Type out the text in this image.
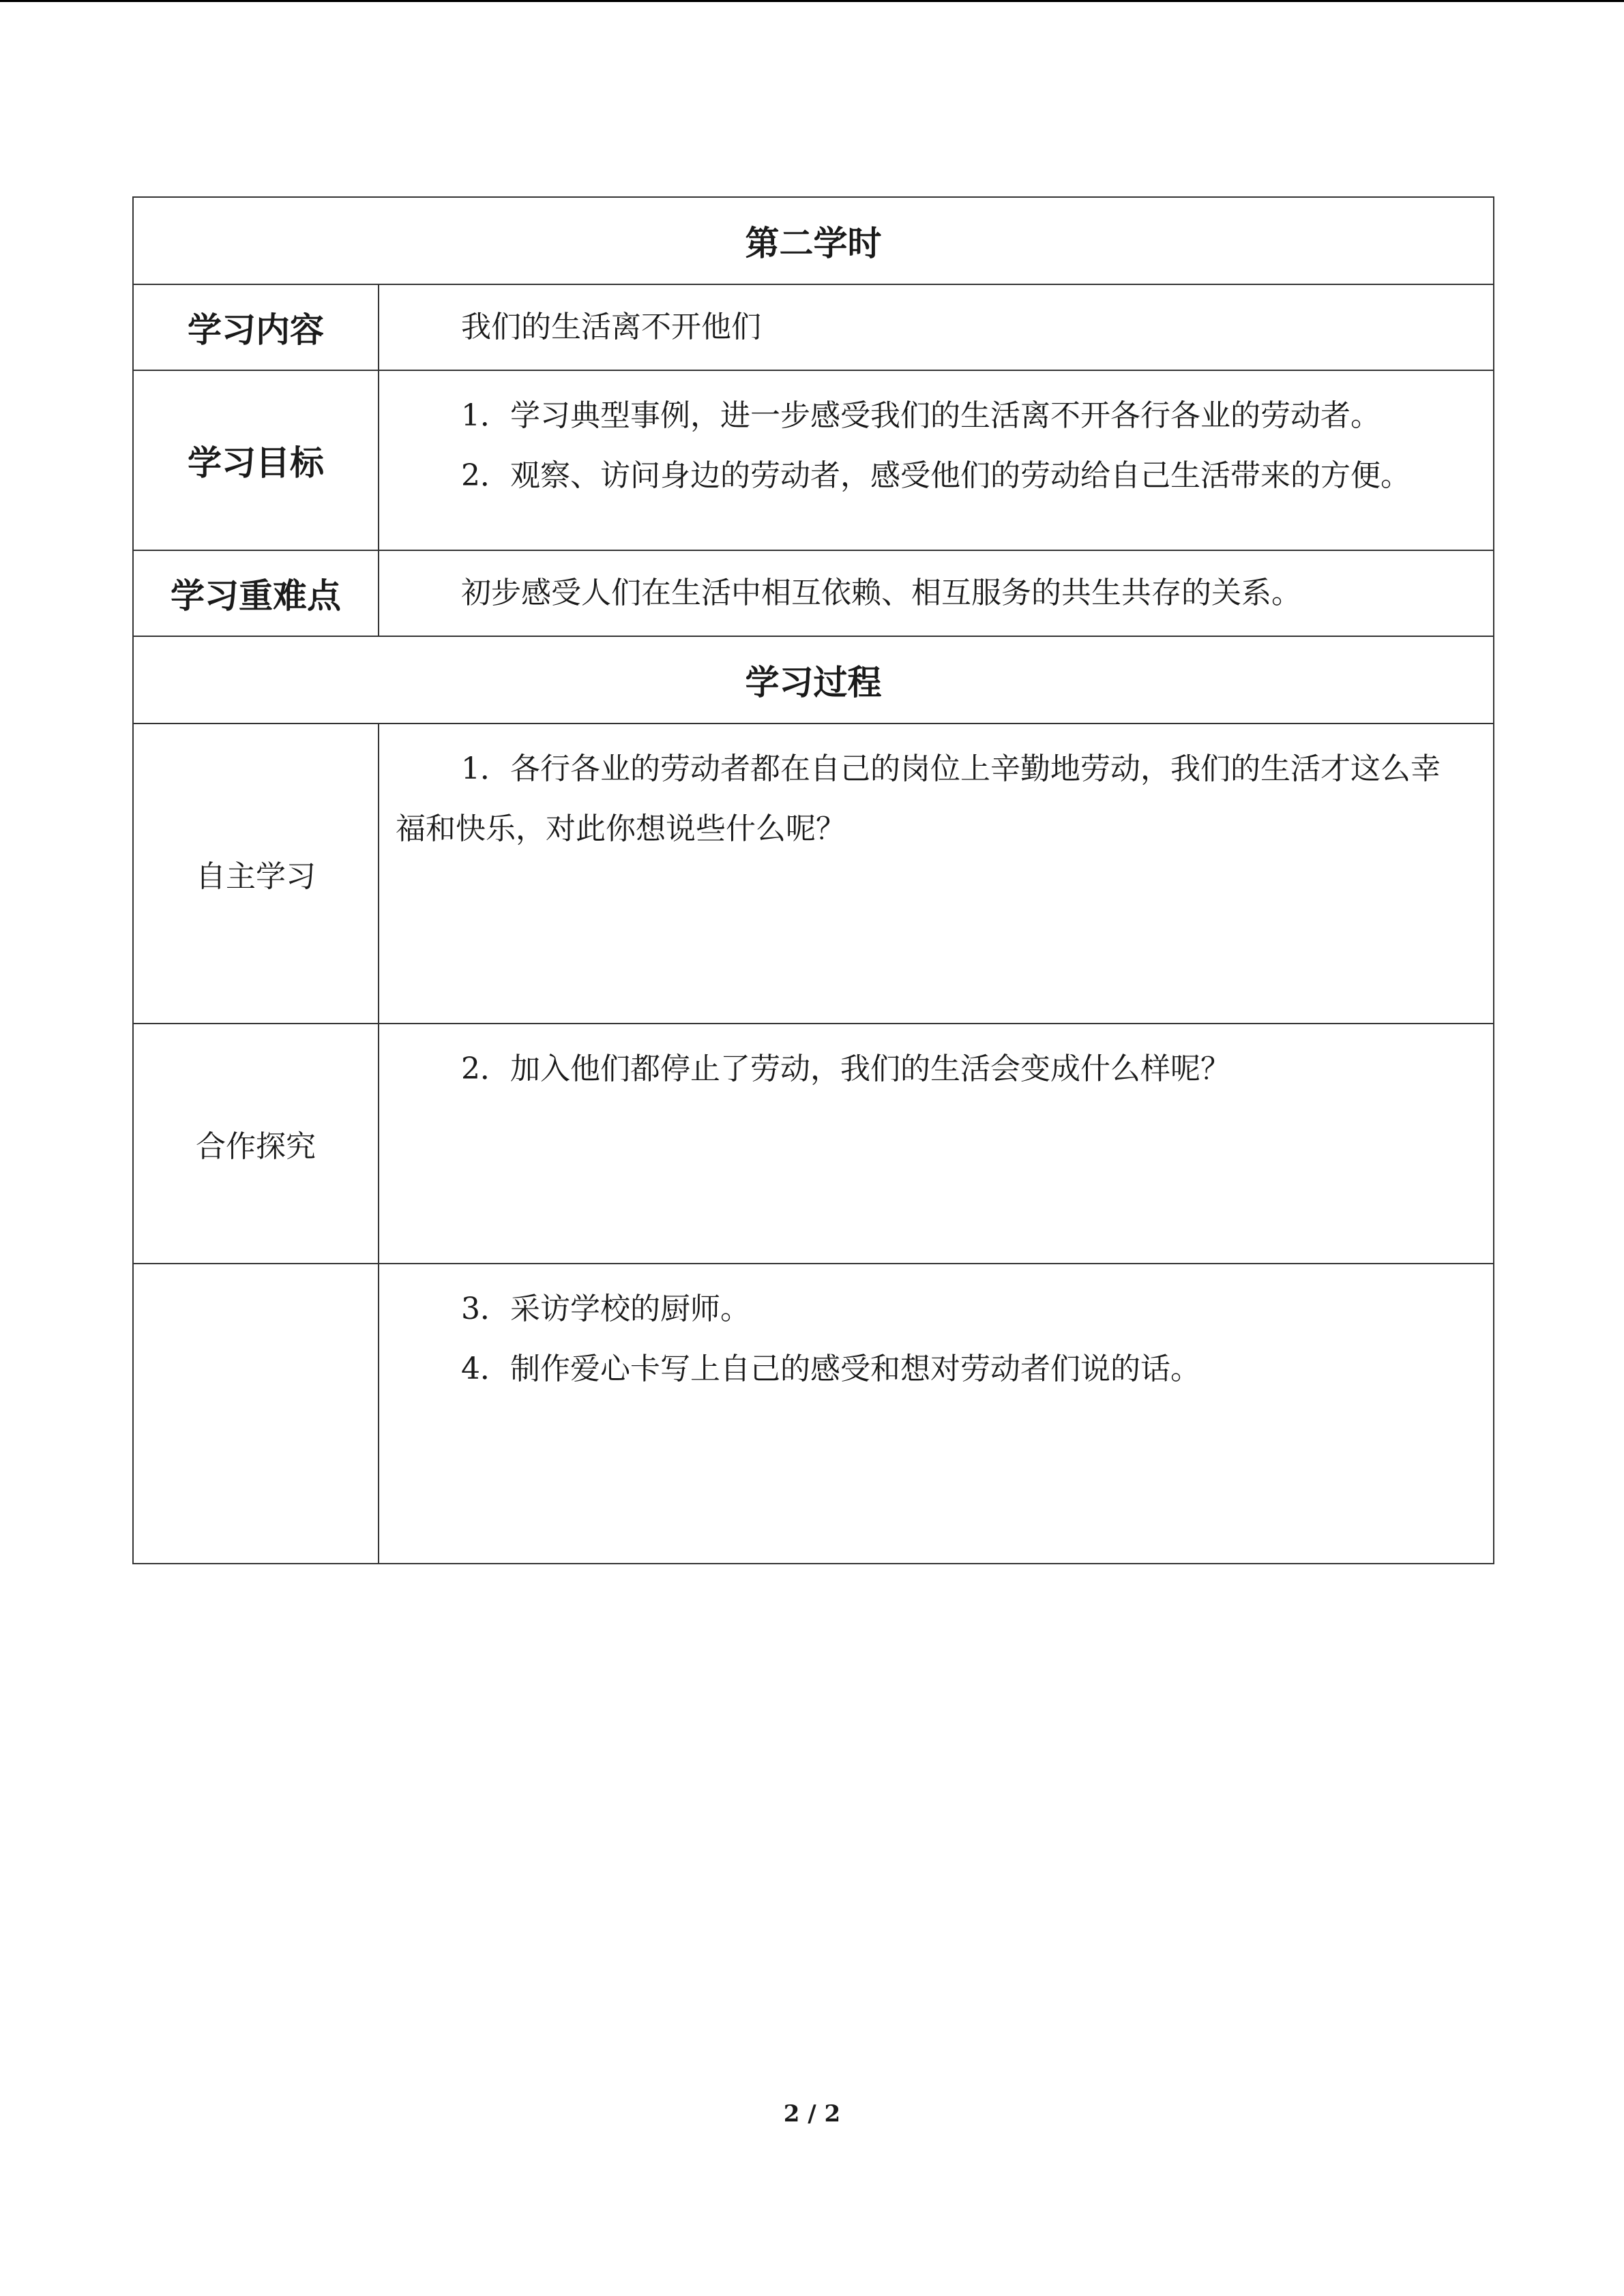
第二学时	
学习内容	我们的生活离不开他们

学习目标	1．学习典型事例，进一步感受我们的生活离不开各行各业的劳动者。

2．观察、访问身边的劳动者，感受他们的劳动给自己生活带来的方便。

学习重难点	初步感受人们在生活中相互依赖、相互服务的共生共存的关系。

学习过程	
自主学习	1．各行各业的劳动者都在自己的岗位上辛勤地劳动，我们的生活才这么幸福和快乐，对此你想说些什么呢？

合作探究	2．加入他们都停止了劳动，我们的生活会变成什么样呢？

	3．采访学校的厨师。

4．制作爱心卡写上自己的感受和想对劳动者们说的话。

2 / 2
